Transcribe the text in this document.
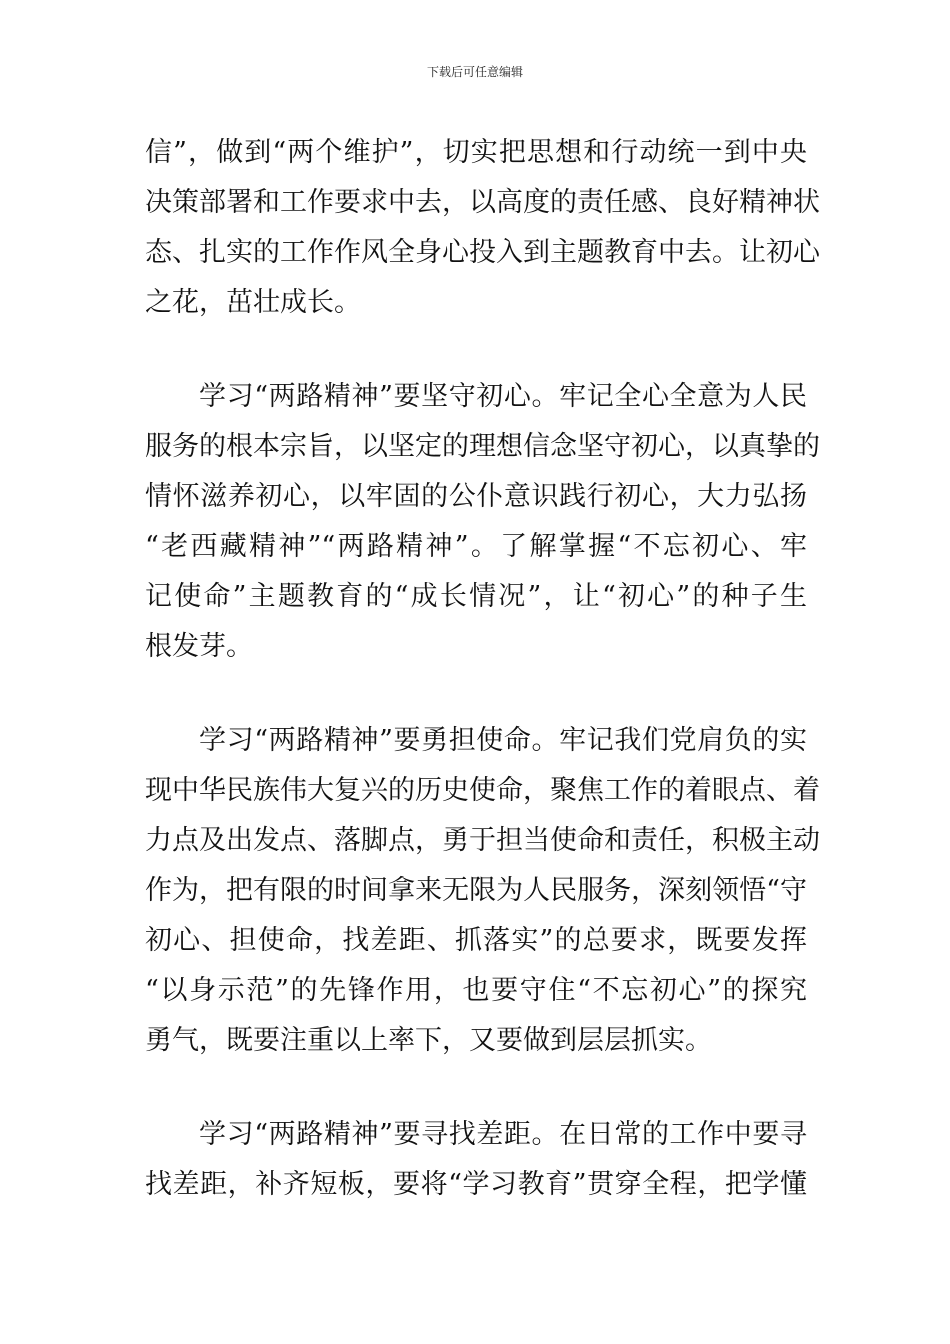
下载后可任意编辑
信”，做到“两个维护”，切实把思想和行动统一到中央
决策部署和工作要求中去，以高度的责任感、良好精神状
态、扎实的工作作风全身心投入到主题教育中去。让初心
之花，茁壮成长。
学习“两路精神”要坚守初心。牢记全心全意为人民
服务的根本宗旨，以坚定的理想信念坚守初心，以真挚的
情怀滋养初心，以牢固的公仆意识践行初心，大力弘扬
“老西藏精神”“两路精神”。了解掌握“不忘初心、牢
记使命”主题教育的“成长情况”，让“初心”的种子生
根发芽。
学习“两路精神”要勇担使命。牢记我们党肩负的实
现中华民族伟大复兴的历史使命，聚焦工作的着眼点、着
力点及出发点、落脚点，勇于担当使命和责任，积极主动
作为，把有限的时间拿来无限为人民服务，深刻领悟“守
初心、担使命，找差距、抓落实”的总要求，既要发挥
“以身示范”的先锋作用，也要守住“不忘初心”的探究
勇气，既要注重以上率下，又要做到层层抓实。
学习“两路精神”要寻找差距。在日常的工作中要寻
找差距，补齐短板，要将“学习教育”贯穿全程，把学懂
